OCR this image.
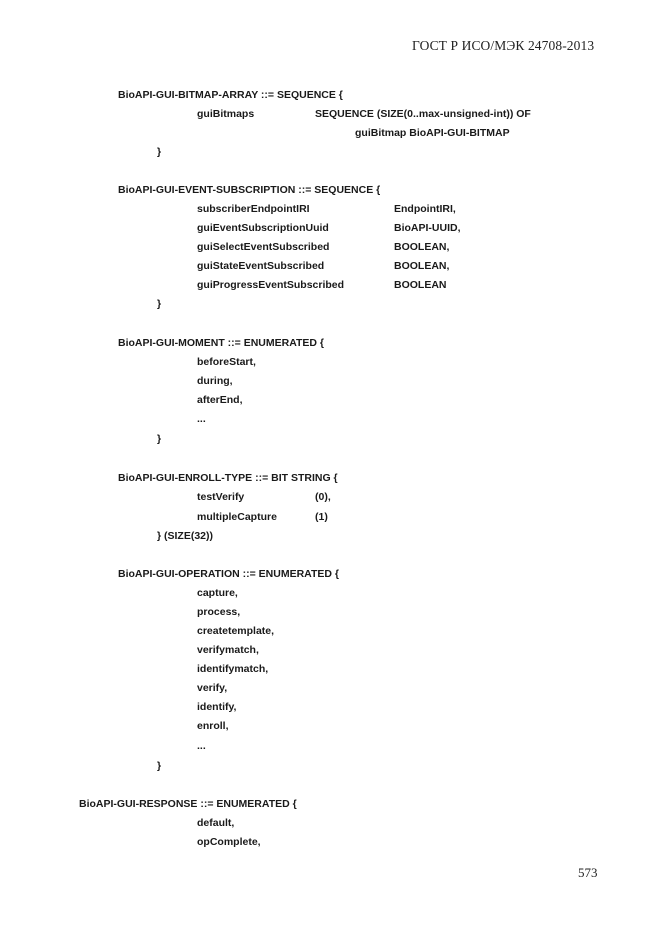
ГОСТ Р ИСО/МЭК 24708-2013
BioAPI-GUI-BITMAP-ARRAY ::= SEQUENCE {
guiBitmaps	SEQUENCE (SIZE(0..max-unsigned-int)) OF
guiBitmap BioAPI-GUI-BITMAP
}
BioAPI-GUI-EVENT-SUBSCRIPTION ::= SEQUENCE {
subscriberEndpointIRI	EndpointIRI,
guiEventSubscriptionUuid	BioAPI-UUID,
guiSelectEventSubscribed	BOOLEAN,
guiStateEventSubscribed	BOOLEAN,
guiProgressEventSubscribed	BOOLEAN
}
BioAPI-GUI-MOMENT ::= ENUMERATED {
beforeStart,
during,
afterEnd,
...
}
BioAPI-GUI-ENROLL-TYPE ::= BIT STRING {
testVerify	(0),
multipleCapture	(1)
} (SIZE(32))
BioAPI-GUI-OPERATION ::= ENUMERATED {
capture,
process,
createtemplate,
verifymatch,
identifymatch,
verify,
identify,
enroll,
...
}
BioAPI-GUI-RESPONSE ::= ENUMERATED {
default,
opComplete,
573
